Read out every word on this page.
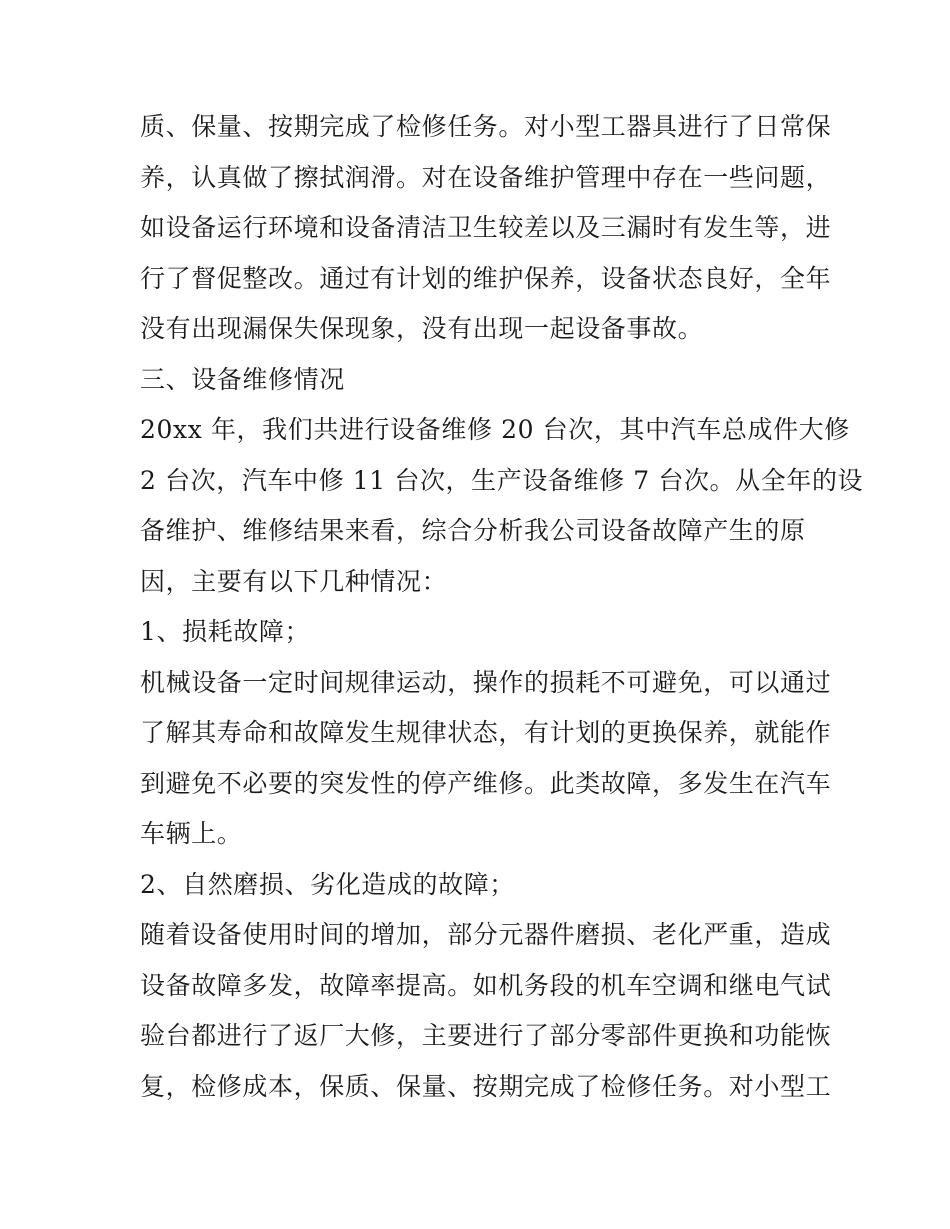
质、保量、按期完成了检修任务。对小型工器具进行了日常保
养，认真做了擦拭润滑。对在设备维护管理中存在一些问题，
如设备运行环境和设备清洁卫生较差以及三漏时有发生等，进
行了督促整改。通过有计划的维护保养，设备状态良好，全年
没有出现漏保失保现象，没有出现一起设备事故。
三、设备维修情况
20xx 年，我们共进行设备维修 20 台次，其中汽车总成件大修
2 台次，汽车中修 11 台次，生产设备维修 7 台次。从全年的设
备维护、维修结果来看，综合分析我公司设备故障产生的原
因，主要有以下几种情况：
1、损耗故障；
机械设备一定时间规律运动，操作的损耗不可避免，可以通过
了解其寿命和故障发生规律状态，有计划的更换保养，就能作
到避免不必要的突发性的停产维修。此类故障，多发生在汽车
车辆上。
2、自然磨损、劣化造成的故障；
随着设备使用时间的增加，部分元器件磨损、老化严重，造成
设备故障多发，故障率提高。如机务段的机车空调和继电气试
验台都进行了返厂大修，主要进行了部分零部件更换和功能恢
复，检修成本，保质、保量、按期完成了检修任务。对小型工
